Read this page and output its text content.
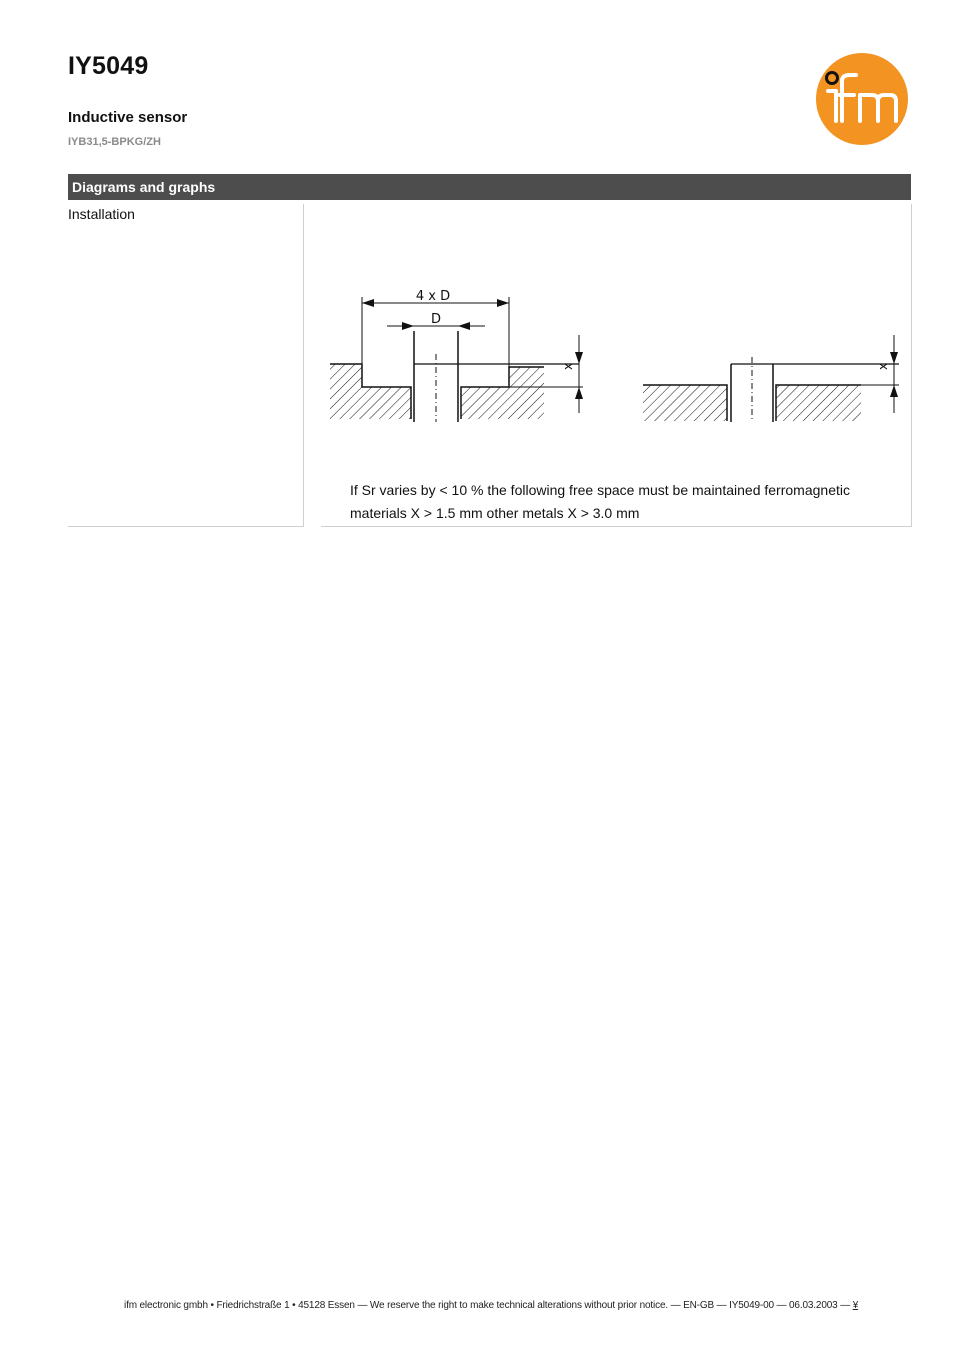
IY5049
Inductive sensor
IYB31,5-BPKG/ZH	ifm
Diagrams and graphs
Installation
4 x D
D
x	x
If Sr varies by < 10 % the following free space must be maintained ferromagnetic materials X > 1.5 mm other metals X > 3.0 mm
ifm electronic gmbh • Friedrichstraße 1 • 45128 Essen — We reserve the right to make technical alterations without prior notice. — EN-GB — IY5049-00 — 06.03.2003 — ¥
